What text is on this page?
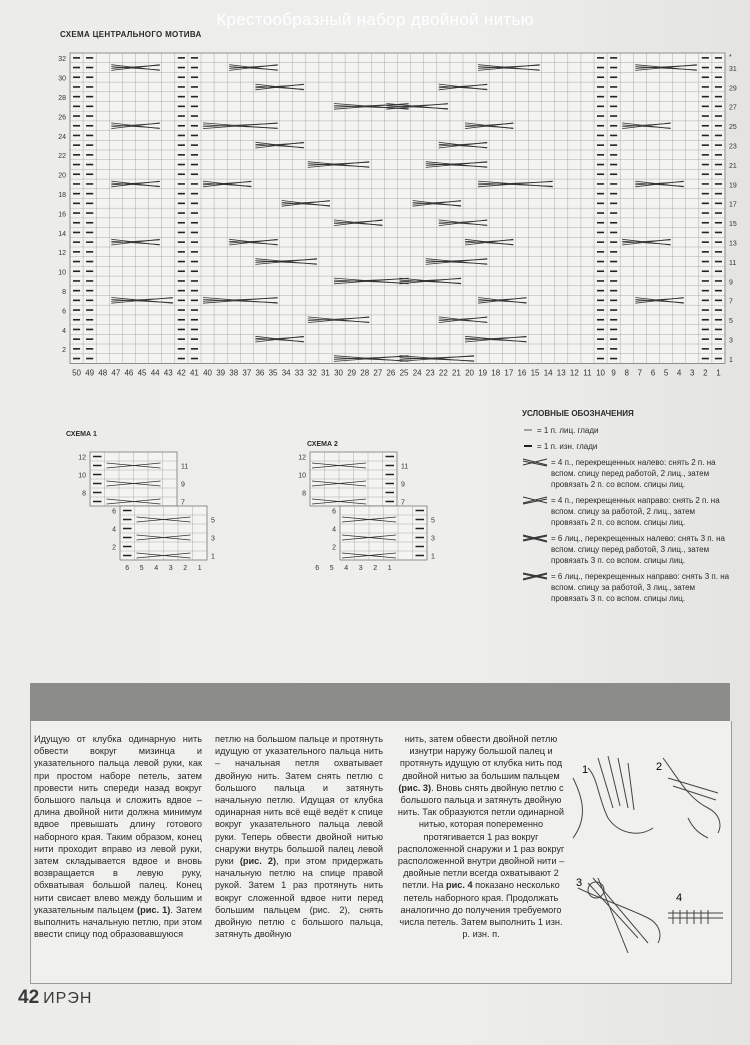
СХЕМА ЦЕНТРАЛЬНОГО МОТИВА
32
30
28
26
24
22
20
18
16
14
12
10
8
6
4
2
31
29
27
25
23
21
19
17
15
13
11
9
7
5
3
1
50 49 48 47 46 45 44 43 42 41 40 39 38 37 36 35 34 33 32 31 30 29 28 27 26 25 24 23 22 21 20 19 18 17 16 15 14 13 12 11 10 9 8 7 6 5 4 3 2 1
*
СХЕМА 1
12
10
8
6
4
2
11
9
7
5
3
1
6 5 4 3 2 1
СХЕМА 2
12
10
8
6
4
2
11
9
7
5
3
1
6 5 4 3 2 1
УСЛОВНЫЕ ОБОЗНАЧЕНИЯ
= 1 п. лиц. глади
= 1 п. изн. глади
= 4 п., перекрещенных налево: снять 2 п. на вспом. спицу перед работой, 2 лиц., затем провязать 2 п. со вспом. спицы лиц.
= 4 п., перекрещенных направо: снять 2 п. на вспом. спицу за работой, 2 лиц., затем провязать 2 п. со вспом. спицы лиц.
= 6 лиц., перекрещенных налево: снять 3 п. на вспом. спицу перед работой, 3 лиц., затем провязать 3 п. со вспом. спицы лиц.
= 6 лиц., перекрещенных направо: снять 3 п. на вспом. спицу за работой, 3 лиц., затем провязать 3 п. со вспом. спицы лиц.
Крестообразный набор двойной нитью
Идущую от клубка одинарную нить обвести вокруг мизинца и указательного пальца левой руки, как при простом наборе петель, затем провести нить спереди назад вокруг большого пальца и сложить вдвое – длина двойной нити должна минимум вдвое превышать длину готового наборного края. Таким образом, конец нити проходит вправо из левой руки, затем складывается вдвое и вновь возвращается в левую руку, обхватывая большой палец. Конец нити свисает влево между большим и указательным пальцем (рис. 1). Затем выполнить начальную петлю, при этом ввести спицу под образовавшуюся
петлю на большом пальце и протянуть идущую от указательного пальца нить – начальная петля охватывает двойную нить. Затем снять петлю с большого пальца и затянуть начальную петлю. Идущая от клубка одинарная нить всё ещё ведёт к спице вокруг указательного пальца левой руки. Теперь обвести двойной нитью снаружи внутрь большой палец левой руки (рис. 2), при этом придержать начальную петлю на спице правой рукой. Затем 1 раз протянуть нить вокруг сложенной вдвое нити перед большим пальцем (рис. 2), снять двойную петлю с большого пальца, затянуть двойную
нить, затем обвести двойной петлю изнутри наружу большой палец и протянуть идущую от клубка нить под двойной нитью за большим пальцем (рис. 3). Вновь снять двойную петлю с большого пальца и затянуть двойную нить. Так образуются петли одинарной нитью, которая попеременно протягивается 1 раз вокруг расположенной снаружи и 1 раз вокруг расположенной внутри двойной нити – двойные петли всегда охватывают 2 петли. На рис. 4 показано несколько петель наборного края. Продолжать аналогично до получения требуемого числа петель. Затем выполнить 1 изн. р. изн. п.
1	2
3
4
42 ИРЭН
